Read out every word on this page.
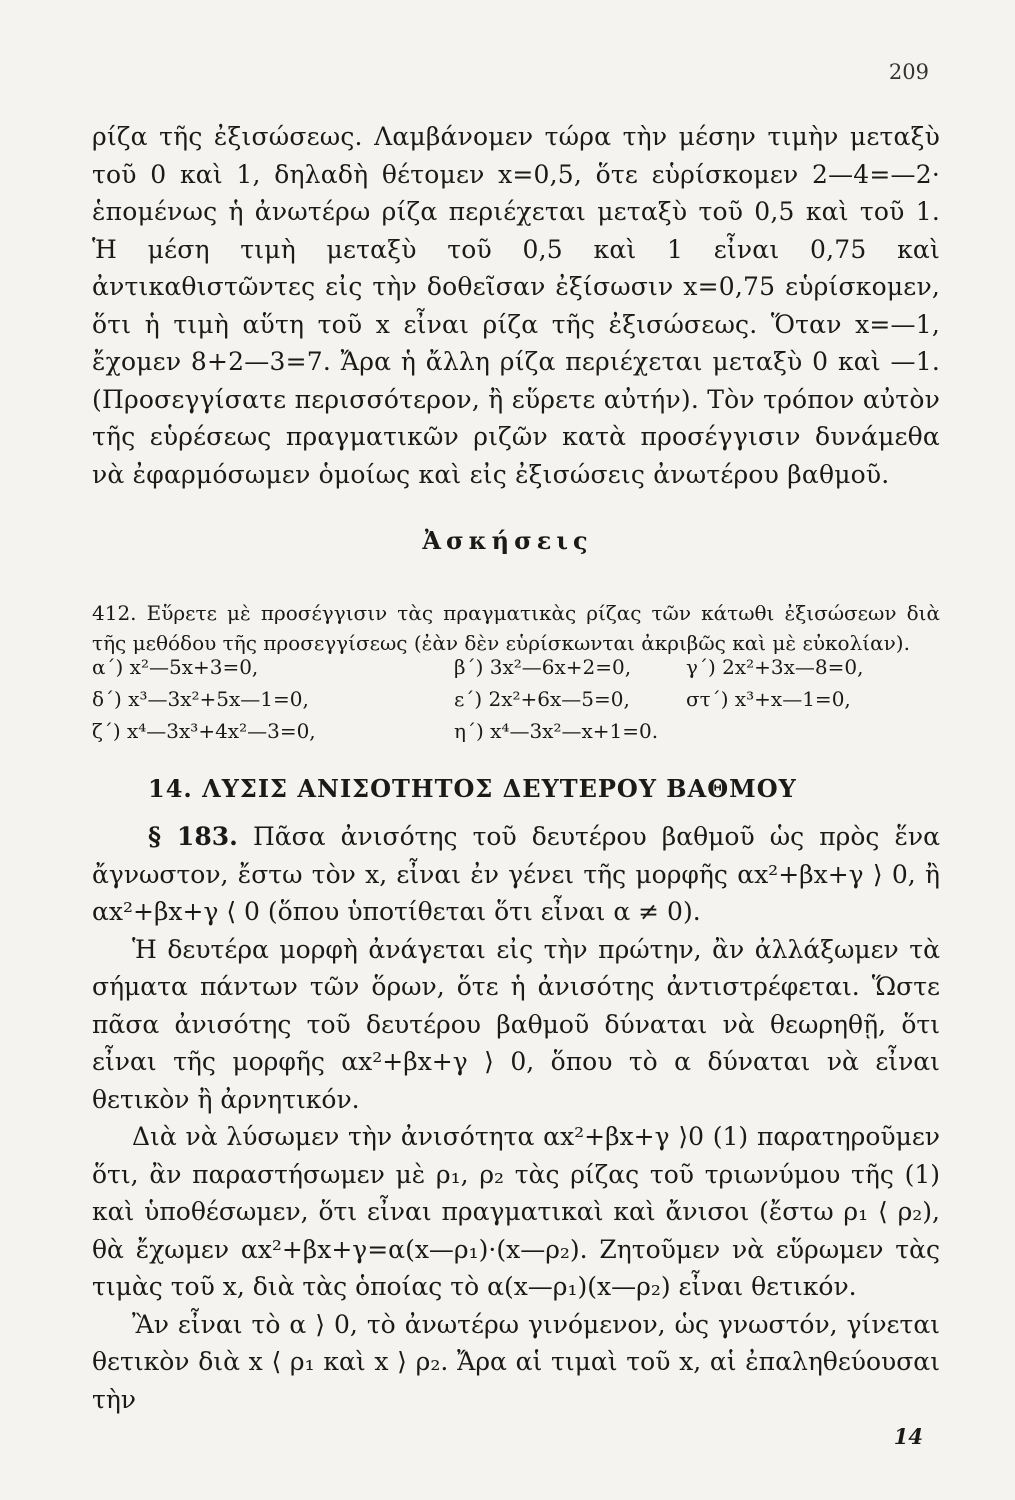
209

ρίζα τῆς ἐξισώσεως. Λαμβάνομεν τώρα τὴν μέσην τιμὴν μεταξὺ τοῦ 0 καὶ 1, δηλαδὴ θέτομεν x=0,5, ὅτε εὑρίσκομεν 2—4=—2· ἑπομένως ἡ ἀνωτέρω ρίζα περιέχεται μεταξὺ τοῦ 0,5 καὶ τοῦ 1. Ἡ μέση τιμὴ μεταξὺ τοῦ 0,5 καὶ 1 εἶναι 0,75 καὶ ἀντικαθιστῶντες εἰς τὴν δοθεῖσαν ἐξίσωσιν x=0,75 εὑρίσκομεν, ὅτι ἡ τιμὴ αὕτη τοῦ x εἶναι ρίζα τῆς ἐξισώσεως. Ὅταν x=—1, ἔχομεν 8+2—3=7. Ἄρα ἡ ἄλλη ρίζα περιέχεται μεταξὺ 0 καὶ —1. (Προσεγγίσατε περισσότερον, ἢ εὕρετε αὐτήν). Τὸν τρόπον αὐτὸν τῆς εὑρέσεως πραγματικῶν ριζῶν κατὰ προσέγγισιν δυνάμεθα νὰ ἐφαρμόσωμεν ὁμοίως καὶ εἰς ἐξισώσεις ἀνωτέρου βαθμοῦ.

Ἀσκήσεις

412. Εὕρετε μὲ προσέγγισιν τὰς πραγματικὰς ρίζας τῶν κάτωθι ἐξισώσεων διὰ τῆς μεθόδου τῆς προσεγγίσεως (ἐὰν δὲν εὑρίσκωνται ἀκριβῶς καὶ μὲ εὐκολίαν).

α΄) x²—5x+3=0,	β΄) 3x²—6x+2=0,	γ΄) 2x²+3x—8=0,
δ΄) x³—3x²+5x—1=0,	ε΄) 2x²+6x—5=0,	στ΄) x³+x—1=0,
ζ΄) x⁴—3x³+4x²—3=0,	η΄) x⁴—3x²—x+1=0.
14. ΛΥΣΙΣ ΑΝΙΣΟΤΗΤΟΣ ΔΕΥΤΕΡΟΥ ΒΑΘΜΟΥ

§ 183. Πᾶσα ἀνισότης τοῦ δευτέρου βαθμοῦ ὡς πρὸς ἕνα ἄγνωστον, ἔστω τὸν x, εἶναι ἐν γένει τῆς μορφῆς αx²+βx+γ ⟩ 0, ἢ αx²+βx+γ ⟨ 0 (ὅπου ὑποτίθεται ὅτι εἶναι α ≠ 0).

Ἡ δευτέρα μορφὴ ἀνάγεται εἰς τὴν πρώτην, ἂν ἀλλάξωμεν τὰ σήματα πάντων τῶν ὅρων, ὅτε ἡ ἀνισότης ἀντιστρέφεται. Ὥστε πᾶσα ἀνισότης τοῦ δευτέρου βαθμοῦ δύναται νὰ θεωρηθῇ, ὅτι εἶναι τῆς μορφῆς αx²+βx+γ ⟩ 0, ὅπου τὸ α δύναται νὰ εἶναι θετικὸν ἢ ἀρνητικόν.

Διὰ νὰ λύσωμεν τὴν ἀνισότητα αx²+βx+γ ⟩0 (1) παρατηροῦμεν ὅτι, ἂν παραστήσωμεν μὲ ρ₁, ρ₂ τὰς ρίζας τοῦ τριωνύμου τῆς (1) καὶ ὑποθέσωμεν, ὅτι εἶναι πραγματικαὶ καὶ ἄνισοι (ἔστω ρ₁ ⟨ ρ₂), θὰ ἔχωμεν αx²+βx+γ=α(x—ρ₁)·(x—ρ₂). Ζητοῦμεν νὰ εὕρωμεν τὰς τιμὰς τοῦ x, διὰ τὰς ὁποίας τὸ α(x—ρ₁)(x—ρ₂) εἶναι θετικόν.

Ἂν εἶναι τὸ α ⟩ 0, τὸ ἀνωτέρω γινόμενον, ὡς γνωστόν, γίνεται θετικὸν διὰ x ⟨ ρ₁ καὶ x ⟩ ρ₂. Ἄρα αἱ τιμαὶ τοῦ x, αἱ ἐπαληθεύουσαι τὴν

14
